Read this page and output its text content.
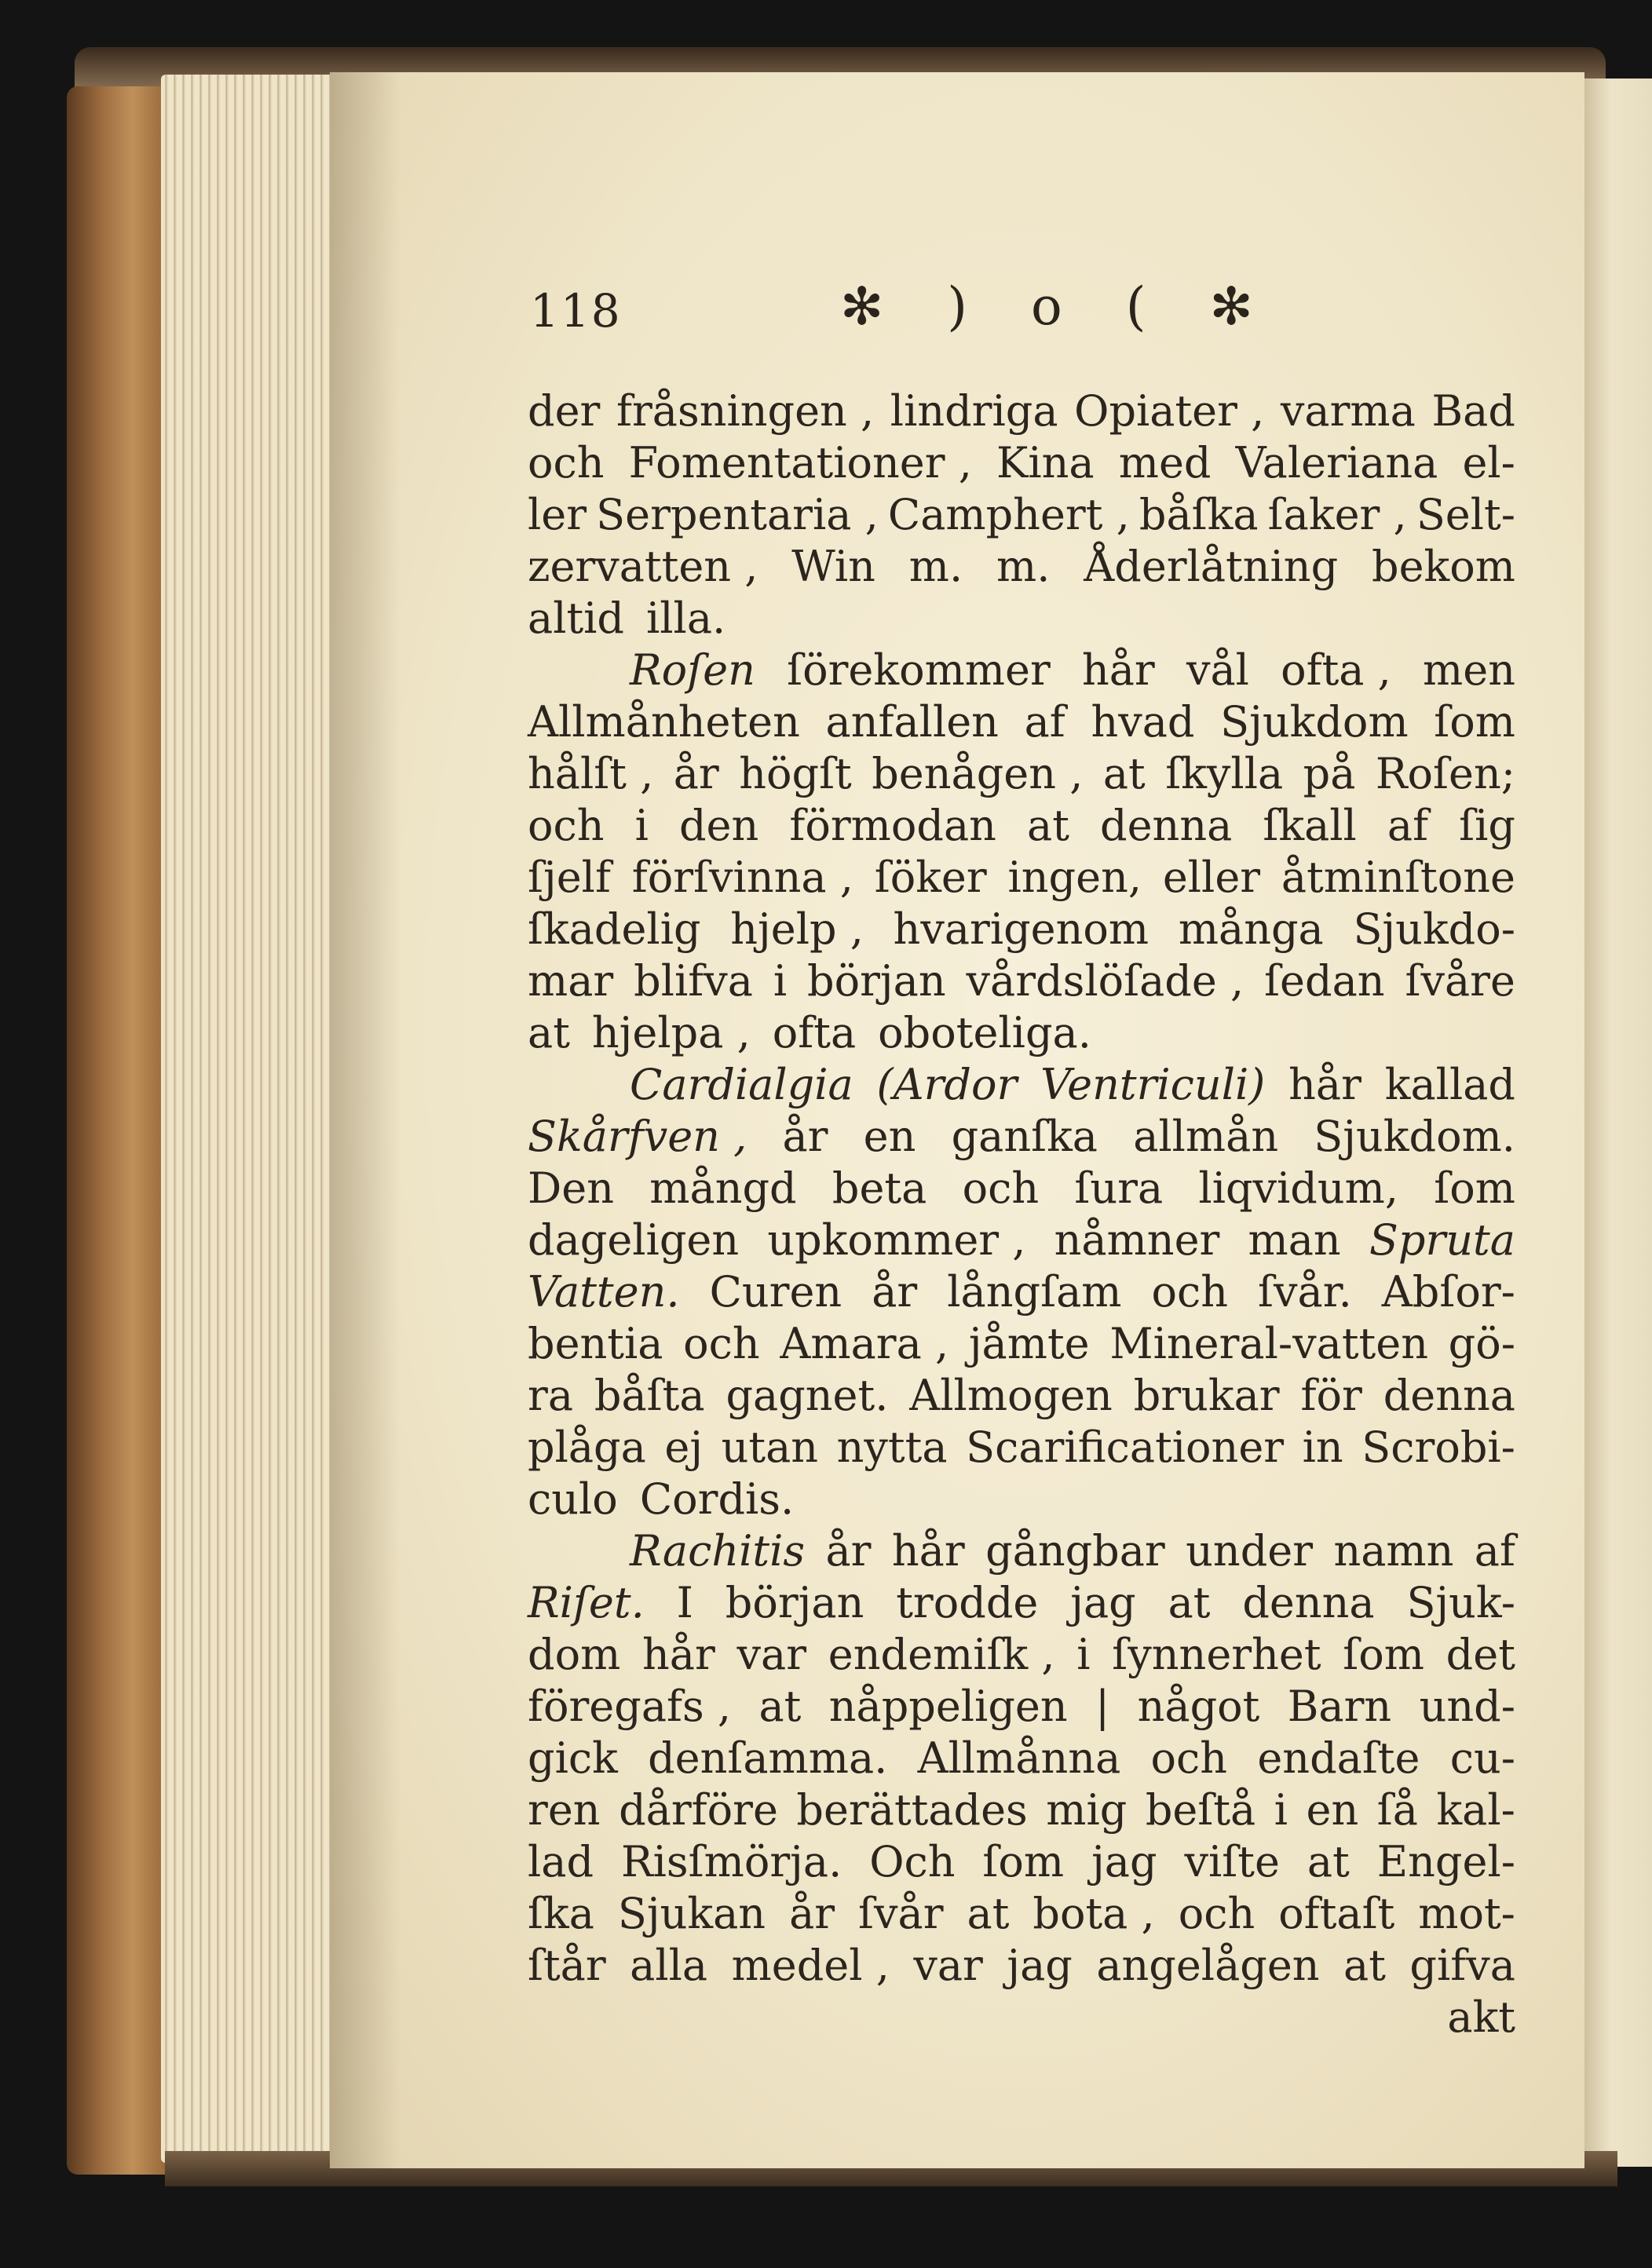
118	✻ ) o ( ✻
der fråsningen , lindriga Opiater , varma Bad
och Fomentationer , Kina med Valeriana el-
ler Serpentaria , Camphert , båſka ſaker , Selt-
zervatten , Win m. m. Åderlåtning bekom
altid illa.
Roſen ſörekommer hår vål ofta , men
Allmånheten anfallen af hvad Sjukdom ſom
hålſt , år högſt benågen , at ſkylla på Roſen;
och i den förmodan at denna ſkall af ſig
ſjelf förſvinna , ſöker ingen, eller åtminſtone
ſkadelig hjelp , hvarigenom många Sjukdo-
mar blifva i början vårdslöſade , ſedan ſvåre
at hjelpa , ofta oboteliga.
Cardialgia (Ardor Ventriculi) hår kallad
Skårfven , år en ganſka allmån Sjukdom.
Den mångd beta och ſura liqvidum, ſom
dageligen upkommer , nåmner man Spruta
Vatten. Curen år långſam och ſvår. Abſor-
bentia och Amara , jåmte Mineral-vatten gö-
ra båſta gagnet. Allmogen brukar för denna
plåga ej utan nytta Scarificationer in Scrobi-
culo Cordis.
Rachitis år hår gångbar under namn af
Riſet. I början trodde jag at denna Sjuk-
dom hår var endemiſk , i ſynnerhet ſom det
föregafs , at nåppeligen | något Barn und-
gick denſamma. Allmånna och endaſte cu-
ren dårföre berättades mig beſtå i en ſå kal-
lad Risſmörja. Och ſom jag viſte at Engel-
ſka Sjukan år ſvår at bota , och oftaſt mot-
ſtår alla medel , var jag angelågen at gifva
akt
